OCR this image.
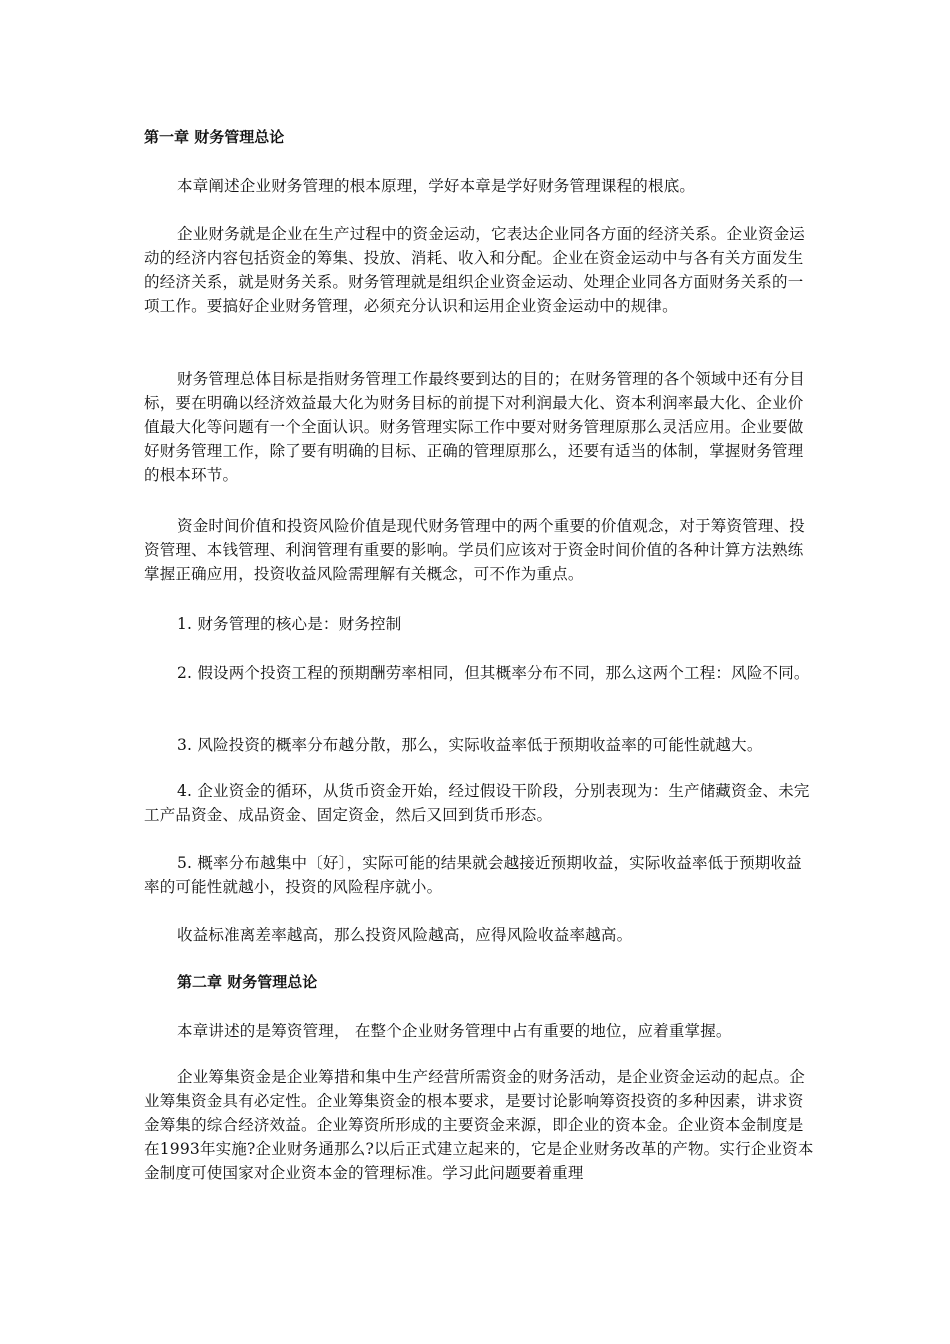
第一章 财务管理总论

本章阐述企业财务管理的根本原理，学好本章是学好财务管理课程的根底。

企业财务就是企业在生产过程中的资金运动，它表达企业同各方面的经济关系。企业资金运动的经济内容包括资金的筹集、投放、消耗、收入和分配。企业在资金运动中与各有关方面发生的经济关系，就是财务关系。财务管理就是组织企业资金运动、处理企业同各方面财务关系的一项工作。要搞好企业财务管理，必须充分认识和运用企业资金运动中的规律。

财务管理总体目标是指财务管理工作最终要到达的目的；在财务管理的各个领域中还有分目标，要在明确以经济效益最大化为财务目标的前提下对利润最大化、资本利润率最大化、企业价值最大化等问题有一个全面认识。财务管理实际工作中要对财务管理原那么灵活应用。企业要做好财务管理工作，除了要有明确的目标、正确的管理原那么，还要有适当的体制，掌握财务管理的根本环节。

资金时间价值和投资风险价值是现代财务管理中的两个重要的价值观念，对于筹资管理、投资管理、本钱管理、利润管理有重要的影响。学员们应该对于资金时间价值的各种计算方法熟练掌握正确应用，投资收益风险需理解有关概念，可不作为重点。

1. 财务管理的核心是：财务控制

2. 假设两个投资工程的预期酬劳率相同，但其概率分布不同，那么这两个工程：风险不同。

3. 风险投资的概率分布越分散，那么，实际收益率低于预期收益率的可能性就越大。

4. 企业资金的循环，从货币资金开始，经过假设干阶段，分别表现为：生产储藏资金、未完工产品资金、成品资金、固定资金，然后又回到货币形态。

5. 概率分布越集中〔好〕，实际可能的结果就会越接近预期收益，实际收益率低于预期收益率的可能性就越小，投资的风险程序就小。

收益标准离差率越高，那么投资风险越高，应得风险收益率越高。

第二章 财务管理总论

本章讲述的是筹资管理， 在整个企业财务管理中占有重要的地位，应着重掌握。

企业筹集资金是企业筹措和集中生产经营所需资金的财务活动，是企业资金运动的起点。企业筹集资金具有必定性。企业筹集资金的根本要求，是要讨论影响筹资投资的多种因素，讲求资金筹集的综合经济效益。企业筹资所形成的主要资金来源，即企业的资本金。企业资本金制度是在1993年实施?企业财务通那么?以后正式建立起来的，它是企业财务改革的产物。实行企业资本金制度可使国家对企业资本金的管理标准。学习此问题要着重理
